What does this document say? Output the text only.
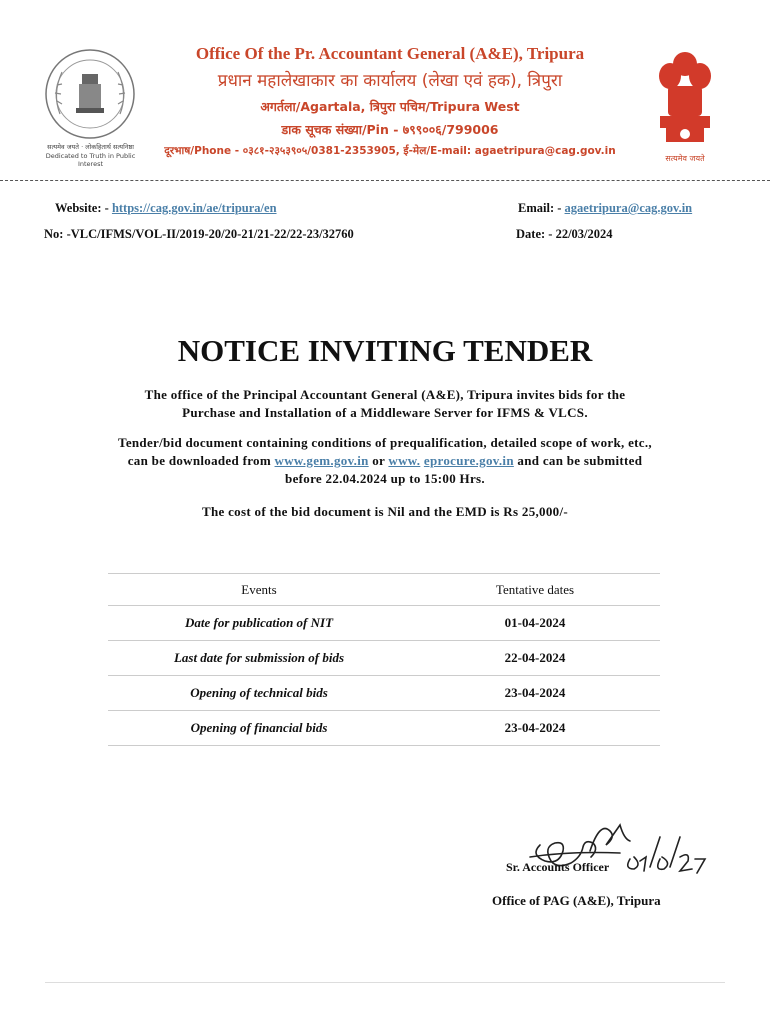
सत्यमेव जयते · लोकहितार्थ सत्यनिष्ठा
Dedicated to Truth in Public Interest
Office Of the Pr. Accountant General (A&E), Tripura
प्रधान महालेखाकार का कार्यालय (लेखा एवं हक), त्रिपुरा
अगर्तला/Agartala, त्रिपुरा पचिम/Tripura West
डाक सूचक संख्या/Pin - ७९९००६/799006
दूरभाष/Phone - ०३८१-२३५३९०५/0381-2353905, ई-मेल/E-mail: agaetripura@cag.gov.in
सत्यमेव जयते
Website: - https://cag.gov.in/ae/tripura/en	Email: - agaetripura@cag.gov.in
No: -VLC/IFMS/VOL-II/2019-20/20-21/21-22/22-23/32760	Date: - 22/03/2024
NOTICE INVITING TENDER
The office of the Principal Accountant General (A&E), Tripura invites bids for the
Purchase and Installation of a Middleware Server for IFMS & VLCS.
Tender/bid document containing conditions of prequalification, detailed scope of work, etc.,
can be downloaded from www.gem.gov.in or www. eprocure.gov.in and can be submitted
before 22.04.2024 up to 15:00 Hrs.
The cost of the bid document is Nil and the EMD is Rs 25,000/-
Events	Tentative dates
Date for publication of NIT	01-04-2024
Last date for submission of bids	22-04-2024
Opening of technical bids	23-04-2024
Opening of financial bids	23-04-2024
Sr. Accounts Officer
Office of PAG (A&E), Tripura
